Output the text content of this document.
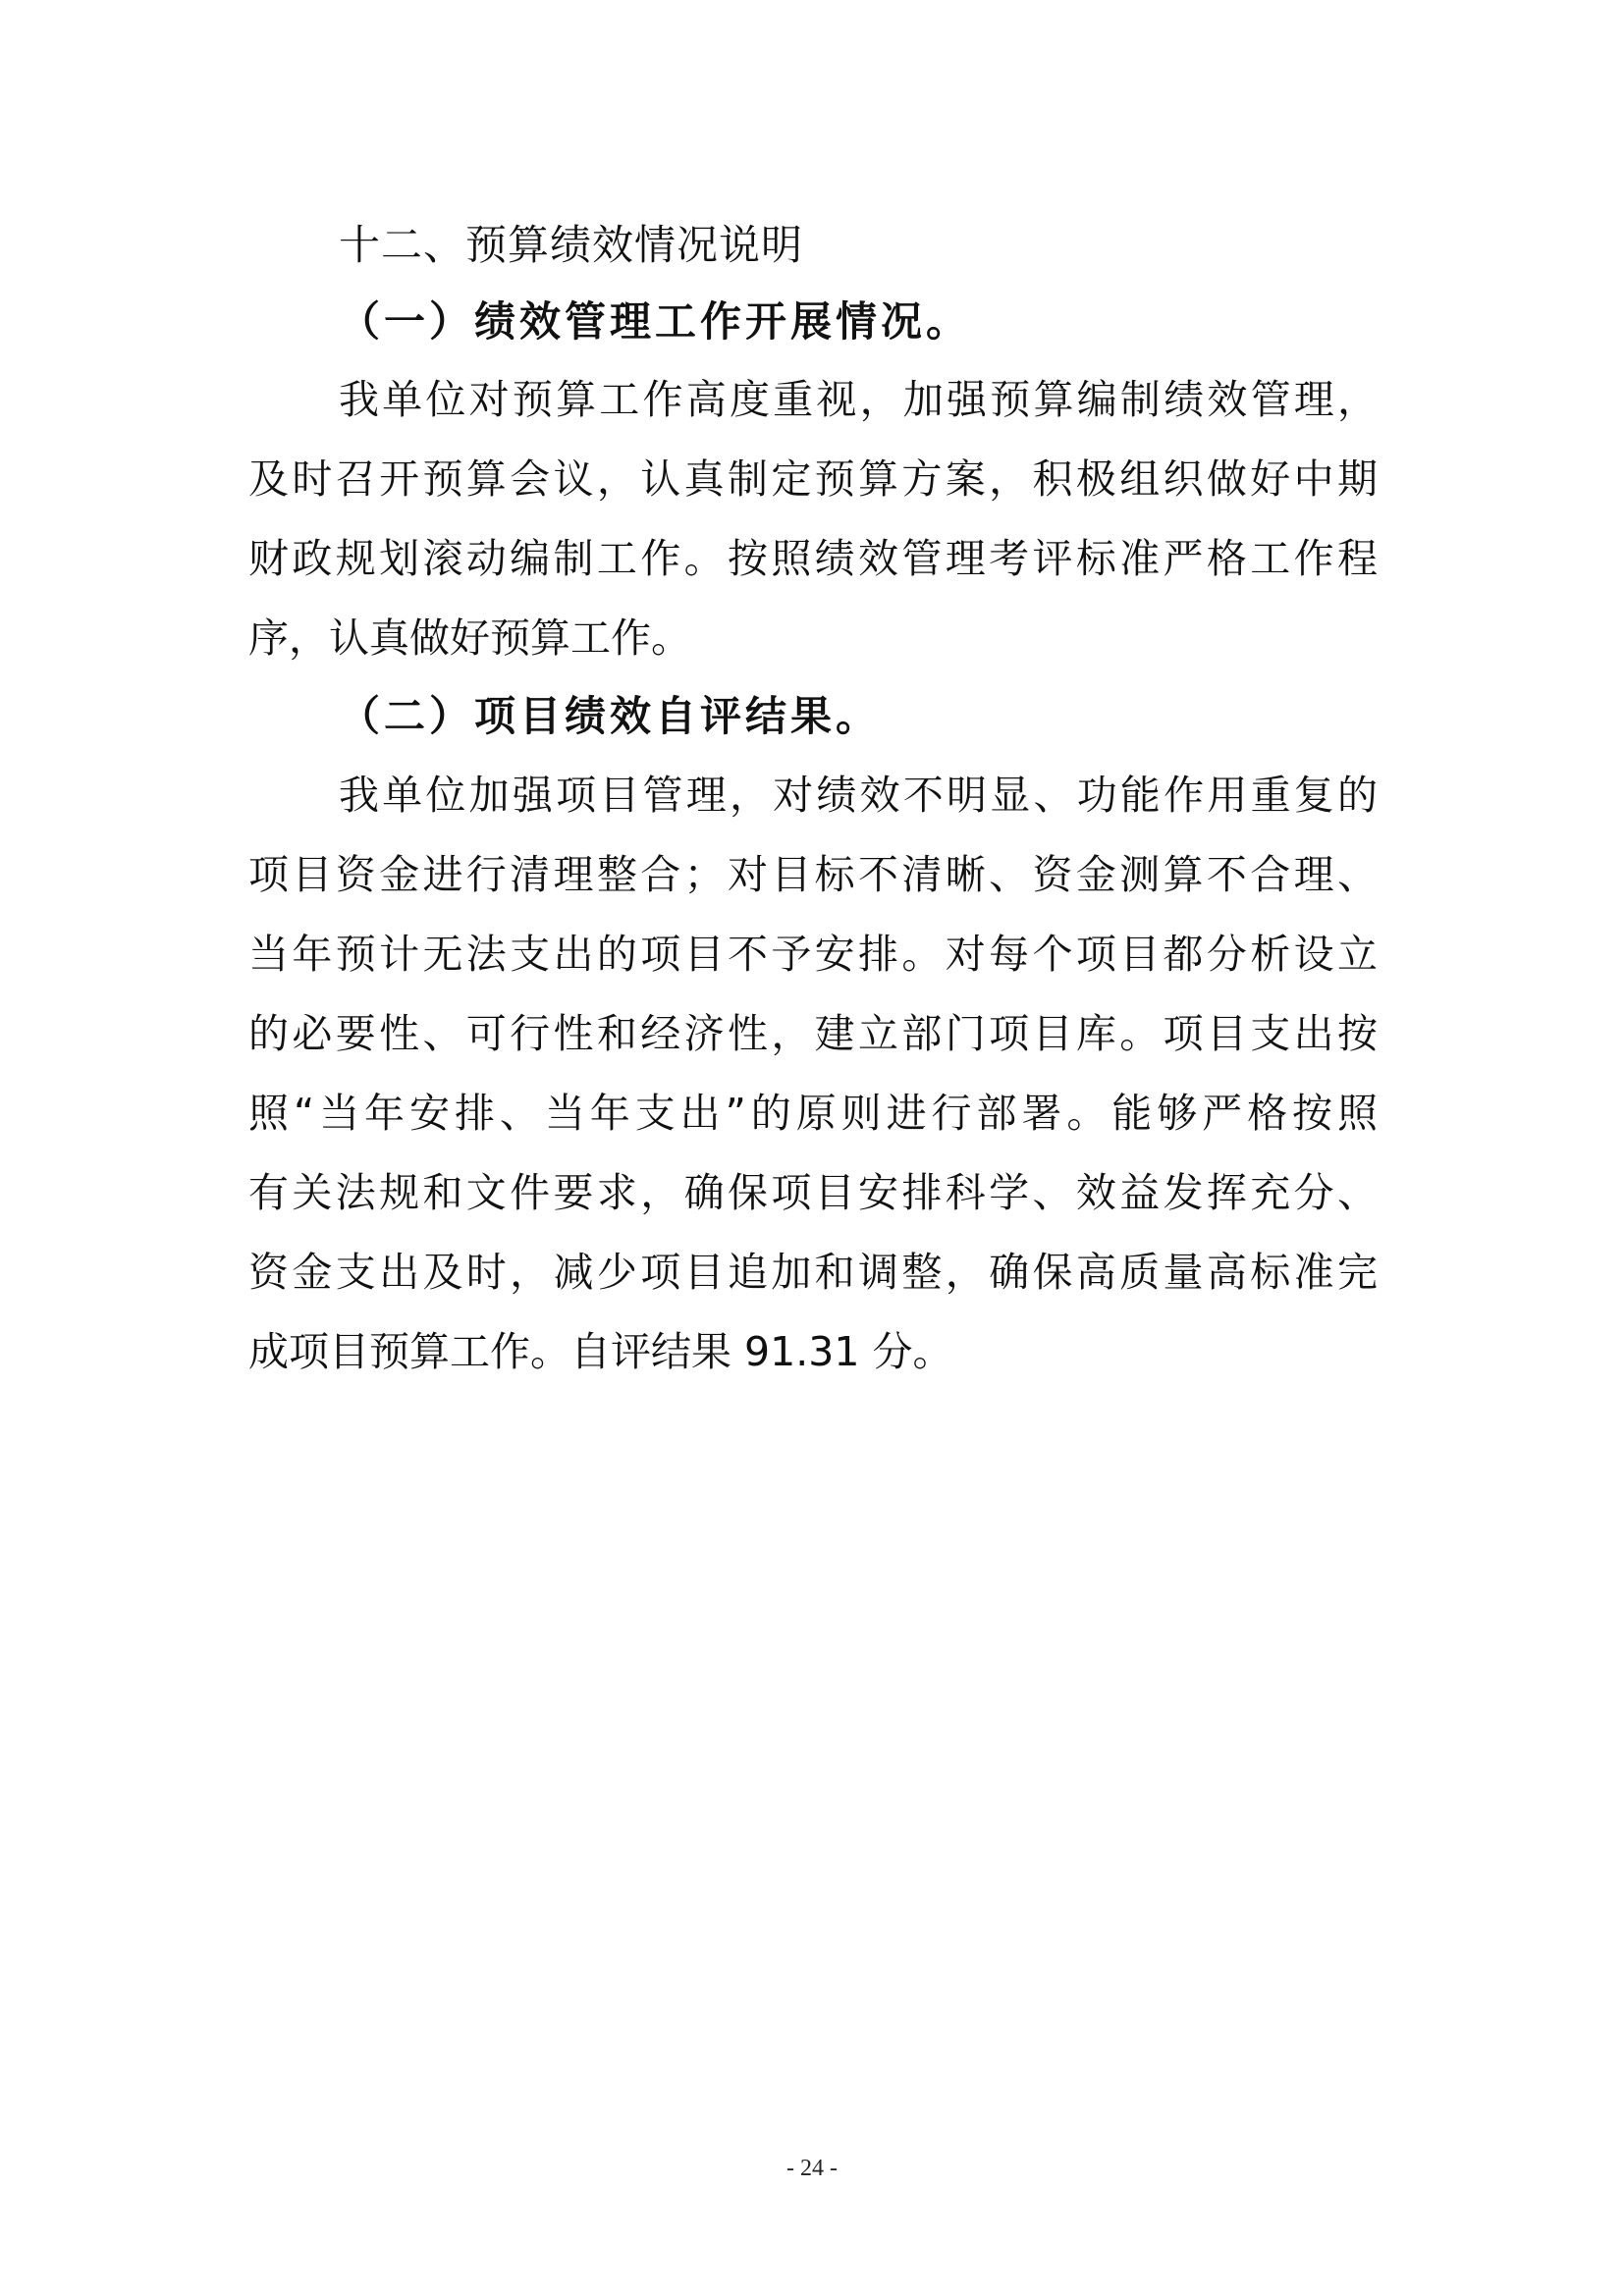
十二、预算绩效情况说明
（一）绩效管理工作开展情况。
我单位对预算工作高度重视，加强预算编制绩效管理，
及时召开预算会议，认真制定预算方案，积极组织做好中期
财政规划滚动编制工作。按照绩效管理考评标准严格工作程
序，认真做好预算工作。
（二）项目绩效自评结果。
我单位加强项目管理，对绩效不明显、功能作用重复的
项目资金进行清理整合；对目标不清晰、资金测算不合理、
当年预计无法支出的项目不予安排。对每个项目都分析设立
的必要性、可行性和经济性，建立部门项目库。项目支出按
照“当年安排、当年支出”的原则进行部署。能够严格按照
有关法规和文件要求，确保项目安排科学、效益发挥充分、
资金支出及时，减少项目追加和调整，确保高质量高标准完
成项目预算工作。自评结果 91.31 分。
- 24 -
